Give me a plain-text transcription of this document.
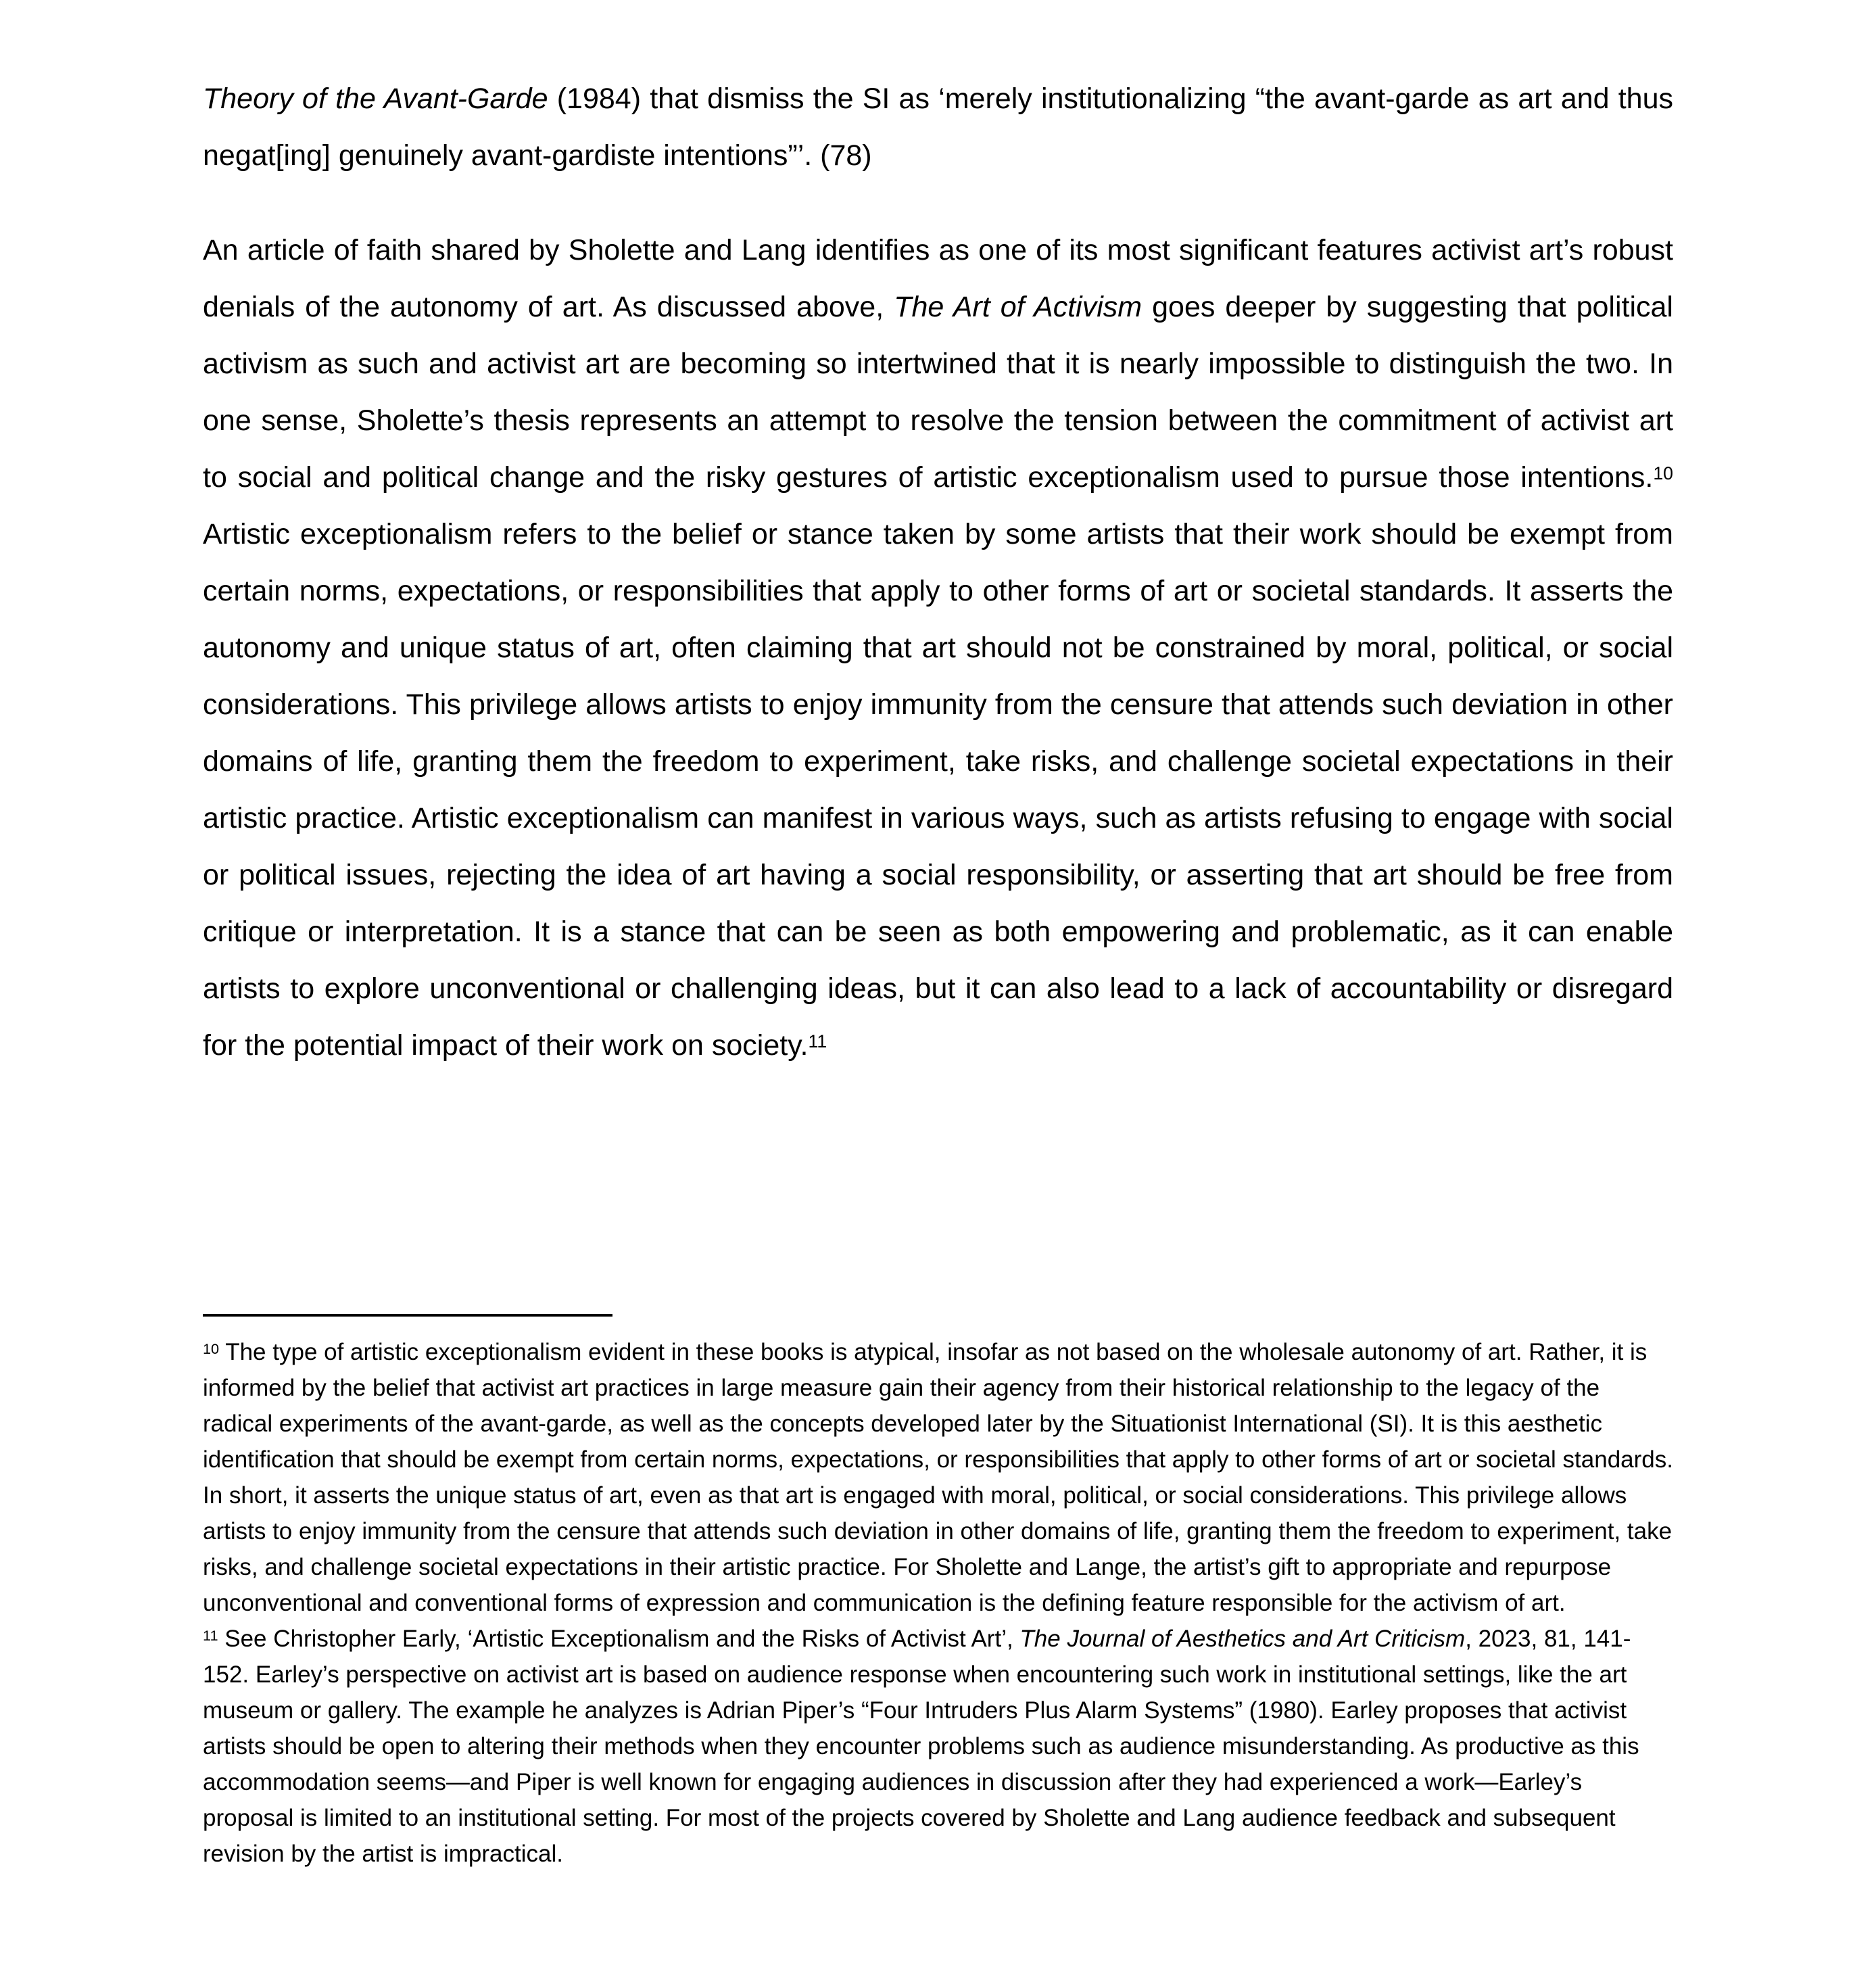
Theory of the Avant-Garde (1984) that dismiss the SI as ‘merely institutionalizing “the avant-garde as art and thus negat[ing] genuinely avant-gardiste intentions”’. (78)

An article of faith shared by Sholette and Lang identifies as one of its most significant features activist art’s robust denials of the autonomy of art. As discussed above, The Art of Activism goes deeper by suggesting that political activism as such and activist art are becoming so intertwined that it is nearly impossible to distinguish the two. In one sense, Sholette’s thesis represents an attempt to resolve the tension between the commitment of activist art to social and political change and the risky gestures of artistic exceptionalism used to pursue those intentions.$^{10}$ Artistic exceptionalism refers to the belief or stance taken by some artists that their work should be exempt from certain norms, expectations, or responsibilities that apply to other forms of art or societal standards. It asserts the autonomy and unique status of art, often claiming that art should not be constrained by moral, political, or social considerations. This privilege allows artists to enjoy immunity from the censure that attends such deviation in other domains of life, granting them the freedom to experiment, take risks, and challenge societal expectations in their artistic practice. Artistic exceptionalism can manifest in various ways, such as artists refusing to engage with social or political issues, rejecting the idea of art having a social responsibility, or asserting that art should be free from critique or interpretation. It is a stance that can be seen as both empowering and problematic, as it can enable artists to explore unconventional or challenging ideas, but it can also lead to a lack of accountability or disregard for the potential impact of their work on society.$^{11}$

$^{10}$ The type of artistic exceptionalism evident in these books is atypical, insofar as not based on the wholesale autonomy of art. Rather, it is informed by the belief that activist art practices in large measure gain their agency from their historical relationship to the legacy of the radical experiments of the avant-garde, as well as the concepts developed later by the Situationist International (SI). It is this aesthetic identification that should be exempt from certain norms, expectations, or responsibilities that apply to other forms of art or societal standards. In short, it asserts the unique status of art, even as that art is engaged with moral, political, or social considerations. This privilege allows artists to enjoy immunity from the censure that attends such deviation in other domains of life, granting them the freedom to experiment, take risks, and challenge societal expectations in their artistic practice. For Sholette and Lange, the artist’s gift to appropriate and repurpose unconventional and conventional forms of expression and communication is the defining feature responsible for the activism of art.

$^{11}$ See Christopher Early, ‘Artistic Exceptionalism and the Risks of Activist Art’, The Journal of Aesthetics and Art Criticism, 2023, 81, 141-152. Earley’s perspective on activist art is based on audience response when encountering such work in institutional settings, like the art museum or gallery. The example he analyzes is Adrian Piper’s “Four Intruders Plus Alarm Systems” (1980). Earley proposes that activist artists should be open to altering their methods when they encounter problems such as audience misunderstanding. As productive as this accommodation seems—and Piper is well known for engaging audiences in discussion after they had experienced a work—Earley’s proposal is limited to an institutional setting. For most of the projects covered by Sholette and Lang audience feedback and subsequent revision by the artist is impractical.
